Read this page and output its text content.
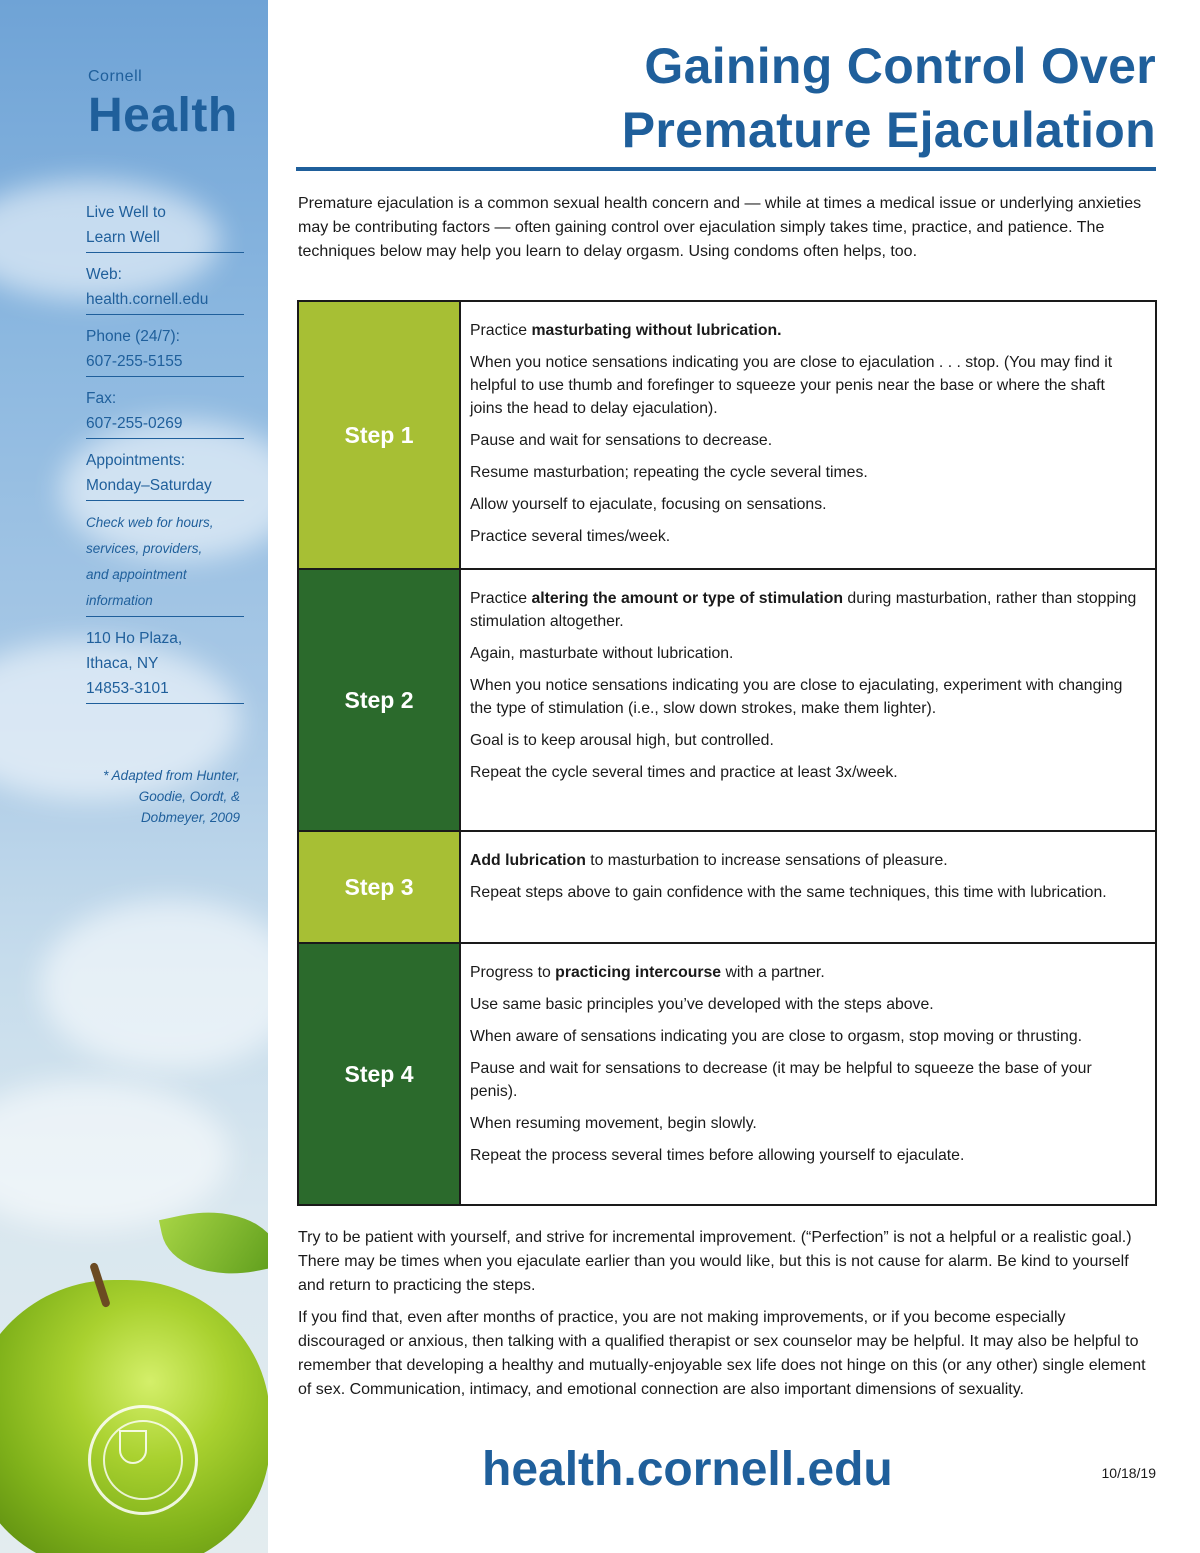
Cornell
Health
Live Well to
Learn Well
Web:
health.cornell.edu
Phone (24/7):
607-255-5155
Fax:
607-255-0269
Appointments:
Monday–Saturday
Check web for hours,
services, providers,
and appointment
information
110 Ho Plaza,
Ithaca, NY
14853-3101
* Adapted from Hunter,
Goodie, Oordt, &
Dobmeyer, 2009
Gaining Control Over
Premature Ejaculation

Premature ejaculation is a common sexual health concern and — while at times a medical issue or underlying anxieties may be contributing factors — often gaining control over ejaculation simply takes time, practice, and patience. The techniques below may help you learn to delay orgasm. Using condoms often helps, too.

Step 1

Practice masturbating without lubrication.

When you notice sensations indicating you are close to ejaculation . . . stop. (You may find it helpful to use thumb and forefinger to squeeze your penis near the base or where the shaft joins the head to delay ejaculation).

Pause and wait for sensations to decrease.

Resume masturbation; repeating the cycle several times.

Allow yourself to ejaculate, focusing on sensations.

Practice several times/week.

Step 2

Practice altering the amount or type of stimulation during masturbation, rather than stopping stimulation altogether.

Again, masturbate without lubrication.

When you notice sensations indicating you are close to ejaculating, experiment with changing the type of stimulation (i.e., slow down strokes, make them lighter).

Goal is to keep arousal high, but controlled.

Repeat the cycle several times and practice at least 3x/week.

Step 3

Add lubrication to masturbation to increase sensations of pleasure.

Repeat steps above to gain confidence with the same techniques, this time with lubrication.

Step 4

Progress to practicing intercourse with a partner.

Use same basic principles you’ve developed with the steps above.

When aware of sensations indicating you are close to orgasm, stop moving or thrusting.

Pause and wait for sensations to decrease (it may be helpful to squeeze the base of your penis).

When resuming movement, begin slowly.

Repeat the process several times before allowing yourself to ejaculate.

Try to be patient with yourself, and strive for incremental improvement. (“Perfection” is not a helpful or a realistic goal.) There may be times when you ejaculate earlier than you would like, but this is not cause for alarm. Be kind to yourself and return to practicing the steps.

If you find that, even after months of practice, you are not making improvements, or if you become especially discouraged or anxious, then talking with a qualified therapist or sex counselor may be helpful. It may also be helpful to remember that developing a healthy and mutually-enjoyable sex life does not hinge on this (or any other) single element of sex. Communication, intimacy, and emotional connection are also important dimensions of sexuality.

health.cornell.edu	10/18/19
